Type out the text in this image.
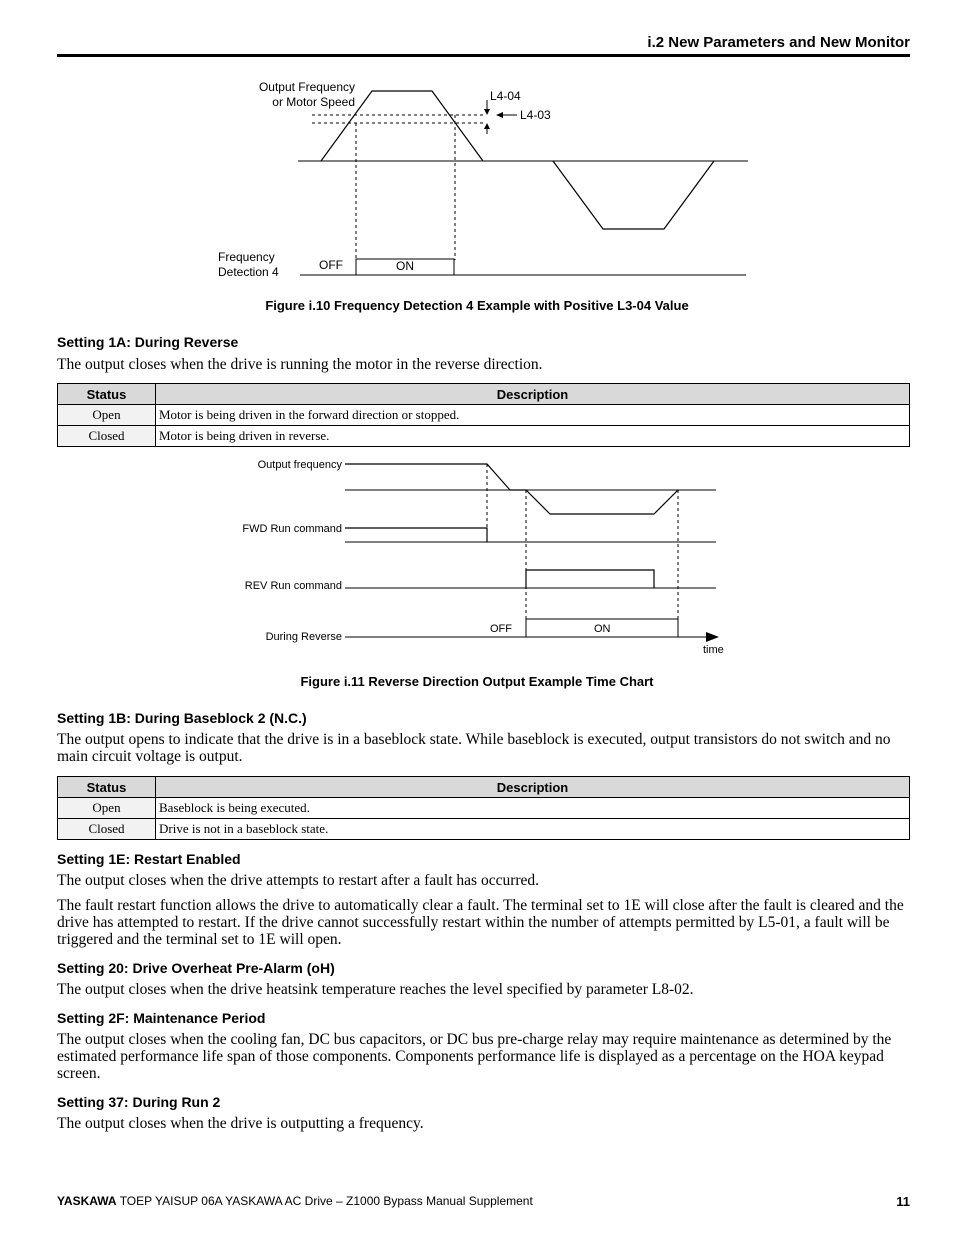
i.2 New Parameters and New Monitor
Output Frequency
or Motor Speed	L4-04
L4-03
Frequency
Detection 4	OFF	ON
Figure i.10 Frequency Detection 4 Example with Positive L3-04 Value
Setting 1A: During Reverse
The output closes when the drive is running the motor in the reverse direction.
Status	Description
Open	Motor is being driven in the forward direction or stopped.
Closed	Motor is being driven in reverse.
Output frequency
FWD Run command
REV Run command
During Reverse
OFF	ON
time
Figure i.11 Reverse Direction Output Example Time Chart
Setting 1B: During Baseblock 2 (N.C.)
The output opens to indicate that the drive is in a baseblock state. While baseblock is executed, output transistors do not switch and no main circuit voltage is output.
Status	Description
Open	Baseblock is being executed.
Closed	Drive is not in a baseblock state.
Setting 1E: Restart Enabled
The output closes when the drive attempts to restart after a fault has occurred.
The fault restart function allows the drive to automatically clear a fault. The terminal set to 1E will close after the fault is cleared and the drive has attempted to restart. If the drive cannot successfully restart within the number of attempts permitted by L5-01, a fault will be triggered and the terminal set to 1E will open.
Setting 20: Drive Overheat Pre-Alarm (oH)
The output closes when the drive heatsink temperature reaches the level specified by parameter L8-02.
Setting 2F: Maintenance Period
The output closes when the cooling fan, DC bus capacitors, or DC bus pre-charge relay may require maintenance as determined by the estimated performance life span of those components. Components performance life is displayed as a percentage on the HOA keypad screen.
Setting 37: During Run 2
The output closes when the drive is outputting a frequency.
YASKAWA TOEP YAISUP 06A YASKAWA AC Drive – Z1000 Bypass Manual Supplement	11
